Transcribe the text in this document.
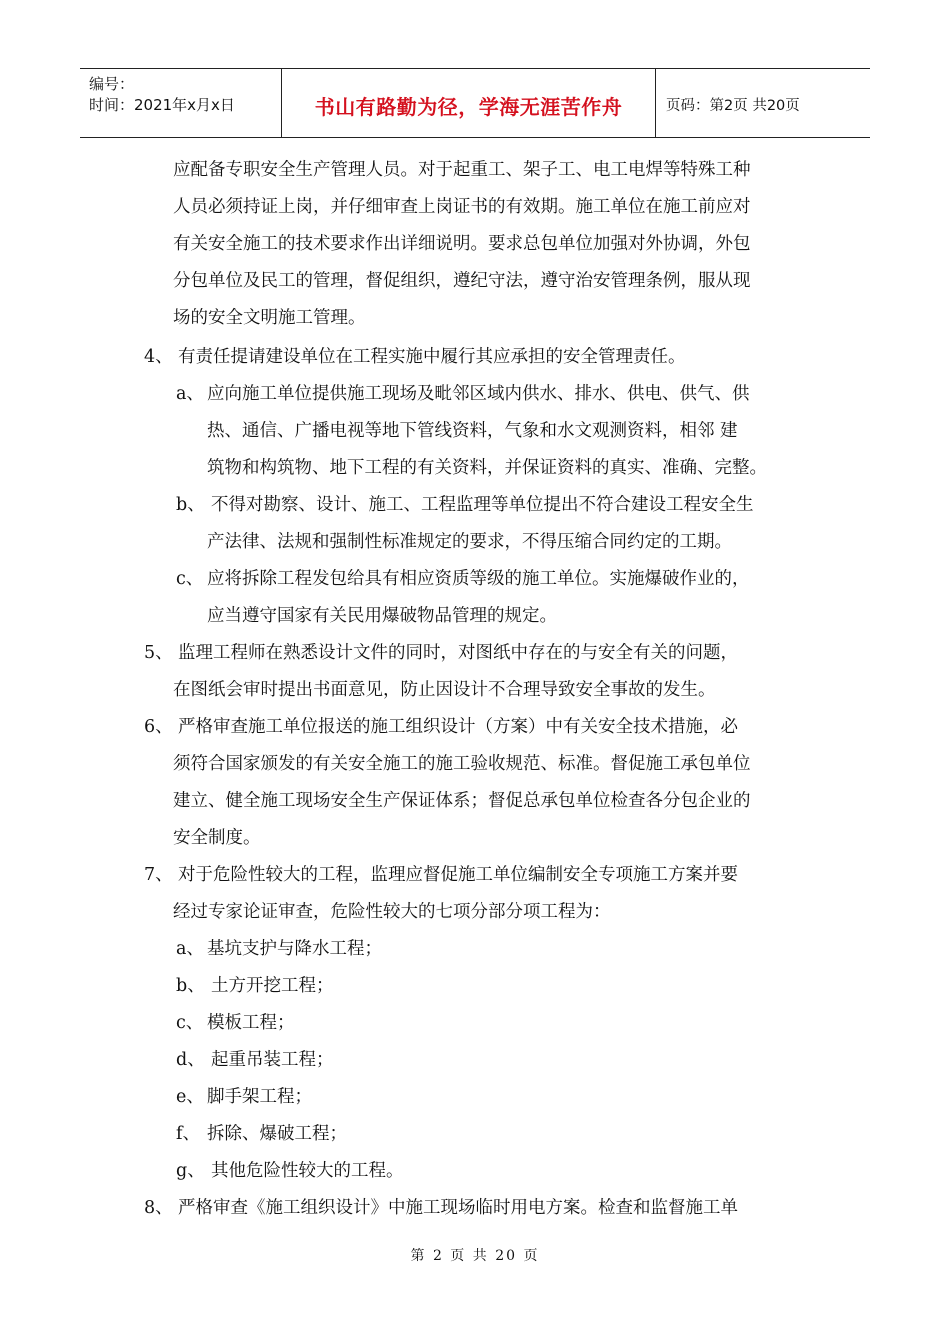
编号：
时间：2021年x月x日	书山有路勤为径，学海无涯苦作舟	页码：第2页 共20页
应配备专职安全生产管理人员。对于起重工、架子工、电工电焊等特殊工种
人员必须持证上岗，并仔细审查上岗证书的有效期。施工单位在施工前应对
有关安全施工的技术要求作出详细说明。要求总包单位加强对外协调，外包
分包单位及民工的管理，督促组织，遵纪守法，遵守治安管理条例，服从现
场的安全文明施工管理。
4、 有责任提请建设单位在工程实施中履行其应承担的安全管理责任。
a、 应向施工单位提供施工现场及毗邻区域内供水、排水、供电、供气、供
热、通信、广播电视等地下管线资料，气象和水文观测资料，相邻 建
筑物和构筑物、地下工程的有关资料，并保证资料的真实、准确、完整。
b、 不得对勘察、设计、施工、工程监理等单位提出不符合建设工程安全生
产法律、法规和强制性标准规定的要求，不得压缩合同约定的工期。
c、 应将拆除工程发包给具有相应资质等级的施工单位。实施爆破作业的，
应当遵守国家有关民用爆破物品管理的规定。
5、 监理工程师在熟悉设计文件的同时，对图纸中存在的与安全有关的问题，
在图纸会审时提出书面意见，防止因设计不合理导致安全事故的发生。
6、 严格审查施工单位报送的施工组织设计（方案）中有关安全技术措施，必
须符合国家颁发的有关安全施工的施工验收规范、标准。督促施工承包单位
建立、健全施工现场安全生产保证体系；督促总承包单位检查各分包企业的
安全制度。
7、 对于危险性较大的工程，监理应督促施工单位编制安全专项施工方案并要
经过专家论证审查，危险性较大的七项分部分项工程为：
a、 基坑支护与降水工程；
b、 土方开挖工程；
c、 模板工程；
d、 起重吊装工程；
e、 脚手架工程；
f、 拆除、爆破工程；
g、 其他危险性较大的工程。
8、 严格审查《施工组织设计》中施工现场临时用电方案。检查和监督施工单
第 2 页 共 20 页
